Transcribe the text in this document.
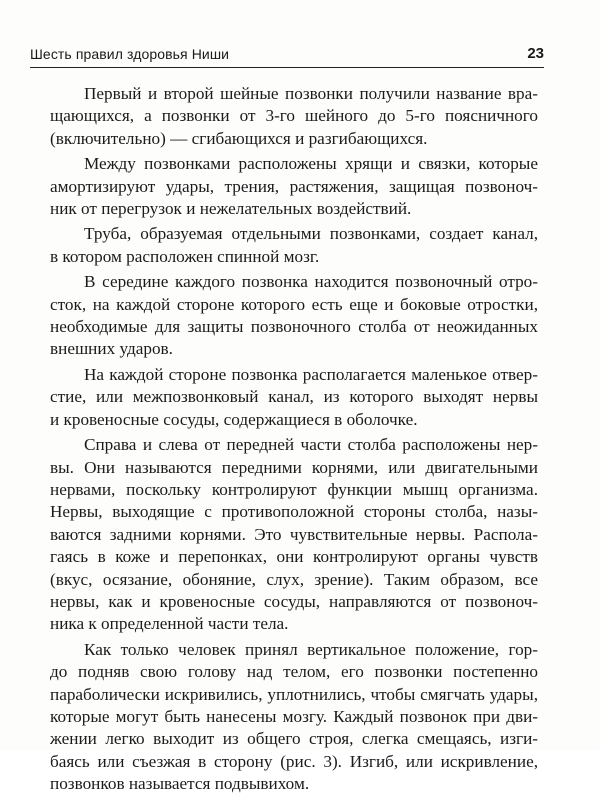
Шесть правил здоровья Ниши	23
Первый и второй шейные позвонки получили название вра-
щающихся, а позвонки от 3-го шейного до 5-го поясничного
(включительно) — сгибающихся и разгибающихся.
Между позвонками расположены хрящи и связки, которые
амортизируют удары, трения, растяжения, защищая позвоноч-
ник от перегрузок и нежелательных воздействий.
Труба, образуемая отдельными позвонками, создает канал,
в котором расположен спинной мозг.
В середине каждого позвонка находится позвоночный отро-
сток, на каждой стороне которого есть еще и боковые отростки,
необходимые для защиты позвоночного столба от неожиданных
внешних ударов.
На каждой стороне позвонка располагается маленькое отвер-
стие, или межпозвонковый канал, из которого выходят нервы
и кровеносные сосуды, содержащиеся в оболочке.
Справа и слева от передней части столба расположены нер-
вы. Они называются передними корнями, или двигательными
нервами, поскольку контролируют функции мышц организма.
Нервы, выходящие с противоположной стороны столба, назы-
ваются задними корнями. Это чувствительные нервы. Распола-
гаясь в коже и перепонках, они контролируют органы чувств
(вкус, осязание, обоняние, слух, зрение). Таким образом, все
нервы, как и кровеносные сосуды, направляются от позвоноч-
ника к определенной части тела.
Как только человек принял вертикальное положение, гор-
до подняв свою голову над телом, его позвонки постепенно
параболически искривились, уплотнились, чтобы смягчать удары,
которые могут быть нанесены мозгу. Каждый позвонок при дви-
жении легко выходит из общего строя, слегка смещаясь, изги-
баясь или съезжая в сторону (рис. 3). Изгиб, или искривление,
позвонков называется подвывихом.
